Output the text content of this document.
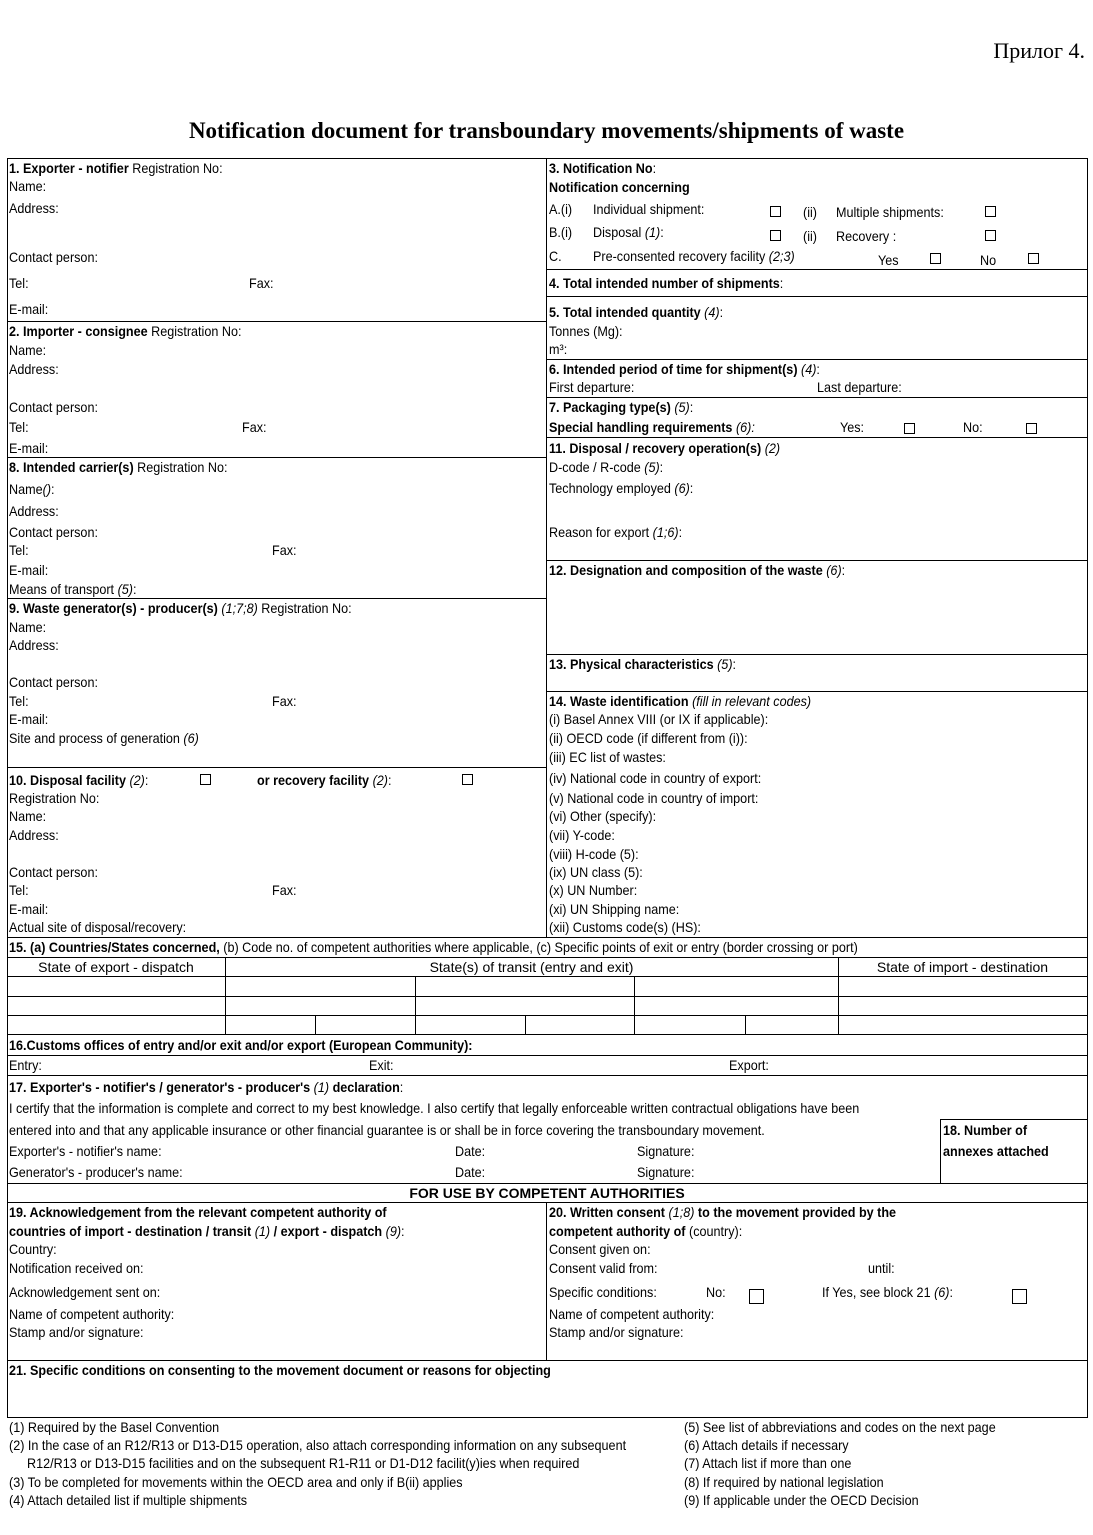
Прилог 4.
Notification document for transboundary movements/shipments of waste
1. Exporter - notifier Registration No:
Name:
Address:
Contact person:
Tel:	Fax:
E-mail:
2. Importer - consignee Registration No:
Name:
Address:
Contact person:
Tel:	Fax:
E-mail:
8. Intended carrier(s) Registration No:
Name():
Address:
Contact person:
Tel:	Fax:
E-mail:
Means of transport (5):
9. Waste generator(s) - producer(s) (1;7;8) Registration No:
Name:
Address:
Contact person:
Tel:	Fax:
E-mail:
Site and process of generation (6)
10. Disposal facility (2):	or recovery facility (2):
Registration No:
Name:
Address:
Contact person:
Tel:	Fax:
E-mail:
Actual site of disposal/recovery:
3. Notification No:
Notification concerning
A.(i) Individual shipment:	(ii) Multiple shipments:
B.(i) Disposal (1):	(ii) Recovery :
C. Pre-consented recovery facility (2;3)	Yes	No
4. Total intended number of shipments:
5. Total intended quantity (4):
Tonnes (Mg):
m³:
6. Intended period of time for shipment(s) (4):
First departure:	Last departure:
7. Packaging type(s) (5):
Special handling requirements (6):	Yes:	No:
11. Disposal / recovery operation(s) (2)
D-code / R-code (5):
Technology employed (6):
Reason for export (1;6):
12. Designation and composition of the waste (6):
13. Physical characteristics (5):
14. Waste identification (fill in relevant codes)
(i) Basel Annex VIII (or IX if applicable):
(ii) OECD code (if different from (i)):
(iii) EC list of wastes:
(iv) National code in country of export:
(v) National code in country of import:
(vi) Other (specify):
(vii) Y-code:
(viii) H-code (5):
(ix) UN class (5):
(x) UN Number:
(xi) UN Shipping name:
(xii) Customs code(s) (HS):
15. (a) Countries/States concerned, (b) Code no. of competent authorities where applicable, (c) Specific points of exit or entry (border crossing or port)
State of export - dispatch	State(s) of transit (entry and exit)	State of import - destination
16.Customs offices of entry and/or exit and/or export (European Community):
Entry:	Exit:	Export:
17. Exporter's - notifier's / generator's - producer's (1) declaration:
I certify that the information is complete and correct to my best knowledge. I also certify that legally enforceable written contractual obligations have been
entered into and that any applicable insurance or other financial guarantee is or shall be in force covering the transboundary movement.
Exporter's - notifier's name:	Date:	Signature:
Generator's - producer's name:	Date:	Signature:
18. Number of
annexes attached
FOR USE BY COMPETENT AUTHORITIES
19. Acknowledgement from the relevant competent authority of
countries of import - destination / transit (1) / export - dispatch (9):
Country:
Notification received on:
Acknowledgement sent on:
Name of competent authority:
Stamp and/or signature:
20. Written consent (1;8) to the movement provided by the
competent authority of (country):
Consent given on:
Consent valid from:	until:
Specific conditions:	No:	If Yes, see block 21 (6):
Name of competent authority:
Stamp and/or signature:
21. Specific conditions on consenting to the movement document or reasons for objecting
(1) Required by the Basel Convention
(2) In the case of an R12/R13 or D13-D15 operation, also attach corresponding information on any subsequent
R12/R13 or D13-D15 facilities and on the subsequent R1-R11 or D1-D12 facilit(y)ies when required
(3) To be completed for movements within the OECD area and only if B(ii) applies
(4) Attach detailed list if multiple shipments
(5) See list of abbreviations and codes on the next page
(6) Attach details if necessary
(7) Attach list if more than one
(8) If required by national legislation
(9) If applicable under the OECD Decision
